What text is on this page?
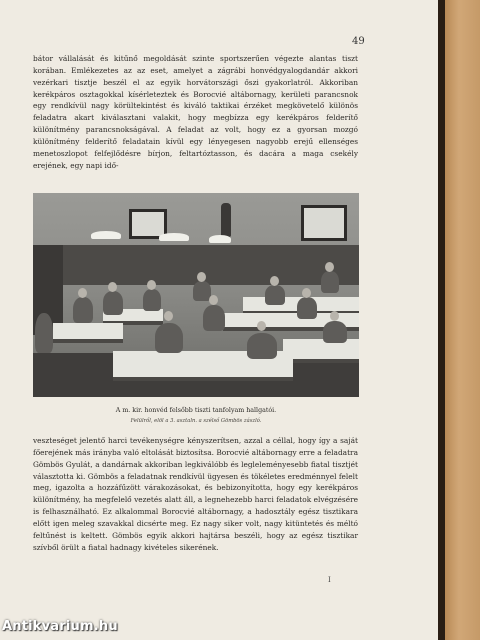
49

bátor vállalását és kitűnő megoldását szinte sportszerűen végezte alantas tiszt korában. Emlékezetes az az eset, amelyet a zágrábi honvédgyalogdandár akkori vezérkari tisztje beszél el az egyik horvátországi őszi gyakorlatról. Akkoriban kerékpáros osztagokkal kísérleteztek és Borocvié altábornagy, kerületi parancsnok egy rendkívül nagy körültekintést és kiváló taktikai érzéket megkövetelő különös feladatra akart kiválasztani valakit, hogy megbízza egy kerékpáros felderítő különítmény parancsnokságával. A feladat az volt, hogy ez a gyorsan mozgó különítmény felderítő feladatain kívül egy lényegesen nagyobb erejű ellenséges menetoszlopot felfejlődésre bírjon, feltartóztasson, és dacára a maga csekély erejének, egy napi idő-

A m. kir. honvéd felsőbb tiszti tanfolyam hallgatói.
Felülről, elöl a 3. asztaln. a szélső Gömbös zászló.

veszteséget jelentő harci tevékenységre kényszerítsen, azzal a céllal, hogy így a saját főerejének más irányba való eltolását biztosítsa. Borocvié altábornagy erre a feladatra Gömbös Gyulát, a dandárnak akkoriban legkiválóbb és legleleményesebb fiatal tisztjét választotta ki. Gömbös a feladatnak rendkívül ügyesen és tökéletes eredménnyel felelt meg, igazolta a hozzáfűzött várakozásokat, és bebizonyította, hogy egy kerékpáros különítmény, ha megfelelő vezetés alatt áll, a legnehezebb harci feladatok elvégzésére is felhasználható. Ez alkalommal Borocvié altábornagy, a hadosztály egész tisztikara előtt igen meleg szavakkal dicsérte meg. Ez nagy siker volt, nagy kitüntetés és méltó feltűnést is keltett. Gömbös egyik akkori hajtársa beszéli, hogy az egész tisztikar szívből örült a fiatal hadnagy kivételes sikerének.

I
Antikvarium.hu
